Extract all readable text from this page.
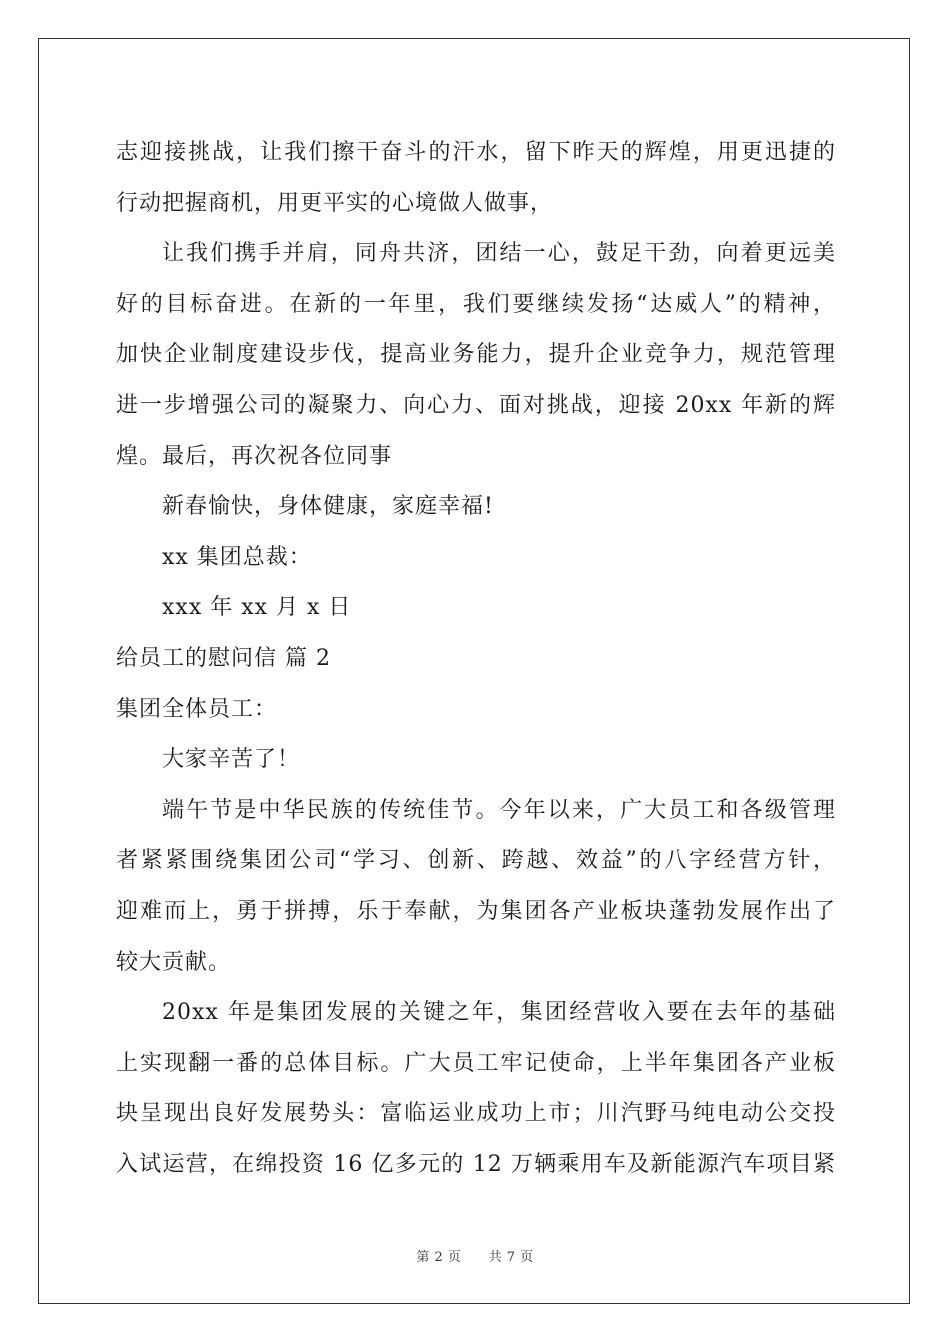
志迎接挑战，让我们擦干奋斗的汗水，留下昨天的辉煌，用更迅捷的
行动把握商机，用更平实的心境做人做事，
让我们携手并肩，同舟共济，团结一心，鼓足干劲，向着更远美
好的目标奋进。在新的一年里，我们要继续发扬“达威人”的精神，
加快企业制度建设步伐，提高业务能力，提升企业竞争力，规范管理
进一步增强公司的凝聚力、向心力、面对挑战，迎接 20xx 年新的辉
煌。最后，再次祝各位同事
新春愉快，身体健康，家庭幸福!
xx 集团总裁：
xxx 年 xx 月 x 日
给员工的慰问信 篇 2
集团全体员工：
大家辛苦了！
端午节是中华民族的传统佳节。今年以来，广大员工和各级管理
者紧紧围绕集团公司“学习、创新、跨越、效益”的八字经营方针，
迎难而上，勇于拼搏，乐于奉献，为集团各产业板块蓬勃发展作出了
较大贡献。
20xx 年是集团发展的关键之年，集团经营收入要在去年的基础
上实现翻一番的总体目标。广大员工牢记使命，上半年集团各产业板
块呈现出良好发展势头：富临运业成功上市；川汽野马纯电动公交投
入试运营，在绵投资 16 亿多元的 12 万辆乘用车及新能源汽车项目紧
第 2 页 共 7 页
